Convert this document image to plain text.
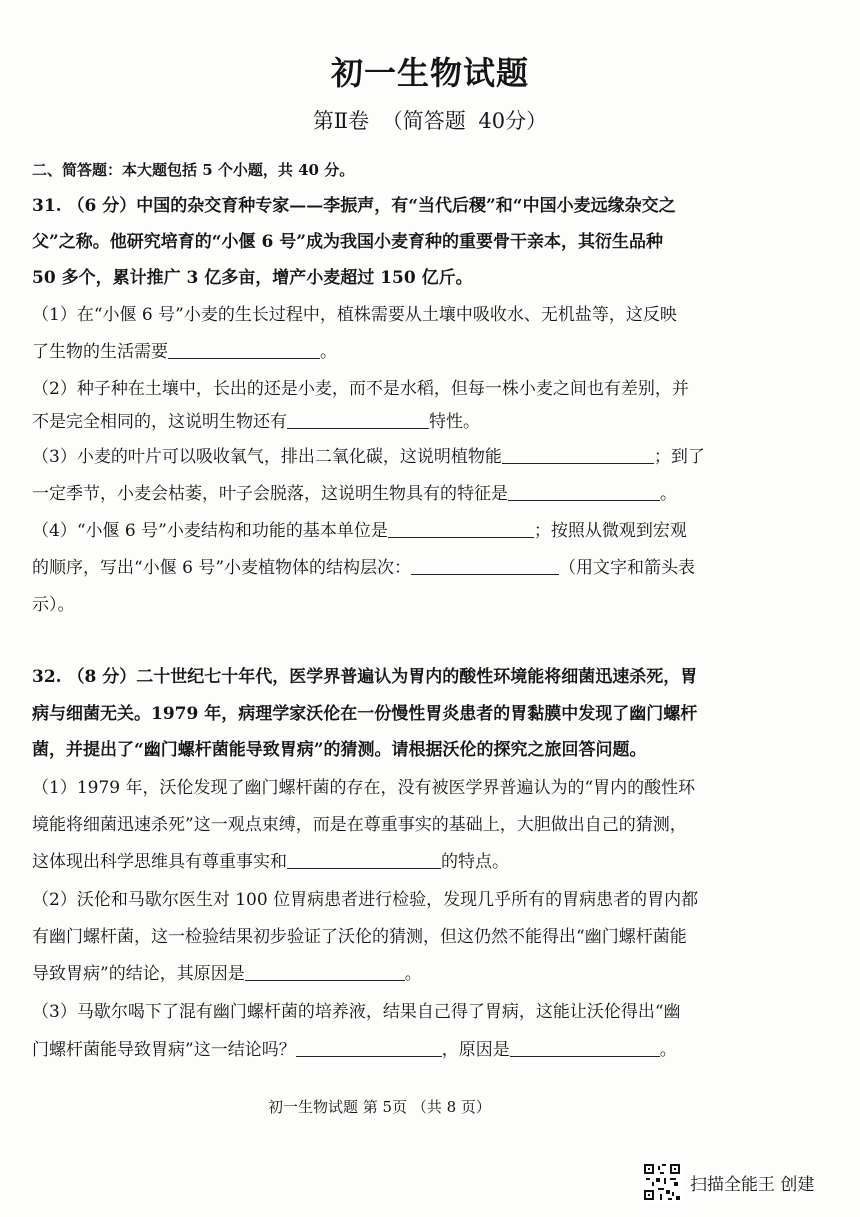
初一生物试题
第Ⅱ卷 （简答题 40分）
二、简答题：本大题包括 5 个小题，共 40 分。
31. （6 分）中国的杂交育种专家——李振声，有“当代后稷”和“中国小麦远缘杂交之
父”之称。他研究培育的“小偃 6 号”成为我国小麦育种的重要骨干亲本，其衍生品种
50 多个，累计推广 3 亿多亩，增产小麦超过 150 亿斤。
（1）在“小偃 6 号”小麦的生长过程中，植株需要从土壤中吸收水、无机盐等，这反映
了生物的生活需要	。
（2）种子种在土壤中，长出的还是小麦，而不是水稻，但每一株小麦之间也有差别，并
不是完全相同的，这说明生物还有	特性。
（3）小麦的叶片可以吸收氧气，排出二氧化碳，这说明植物能	；到了
一定季节，小麦会枯萎，叶子会脱落，这说明生物具有的特征是	。
（4）“小偃 6 号”小麦结构和功能的基本单位是	；按照从微观到宏观
的顺序，写出“小偃 6 号”小麦植物体的结构层次：	（用文字和箭头表
示）。
32. （8 分）二十世纪七十年代，医学界普遍认为胃内的酸性环境能将细菌迅速杀死，胃
病与细菌无关。1979 年，病理学家沃伦在一份慢性胃炎患者的胃黏膜中发现了幽门螺杆
菌，并提出了“幽门螺杆菌能导致胃病”的猜测。请根据沃伦的探究之旅回答问题。
（1）1979 年，沃伦发现了幽门螺杆菌的存在，没有被医学界普遍认为的“胃内的酸性环
境能将细菌迅速杀死”这一观点束缚，而是在尊重事实的基础上，大胆做出自己的猜测，
这体现出科学思维具有尊重事实和	的特点。
（2）沃伦和马歇尔医生对 100 位胃病患者进行检验，发现几乎所有的胃病患者的胃内都
有幽门螺杆菌，这一检验结果初步验证了沃伦的猜测，但这仍然不能得出“幽门螺杆菌能
导致胃病”的结论，其原因是	。
（3）马歇尔喝下了混有幽门螺杆菌的培养液，结果自己得了胃病，这能让沃伦得出“幽
门螺杆菌能导致胃病”这一结论吗？	，原因是	。
初一生物试题 第 5页 （共 8 页）
扫描全能王 创建
